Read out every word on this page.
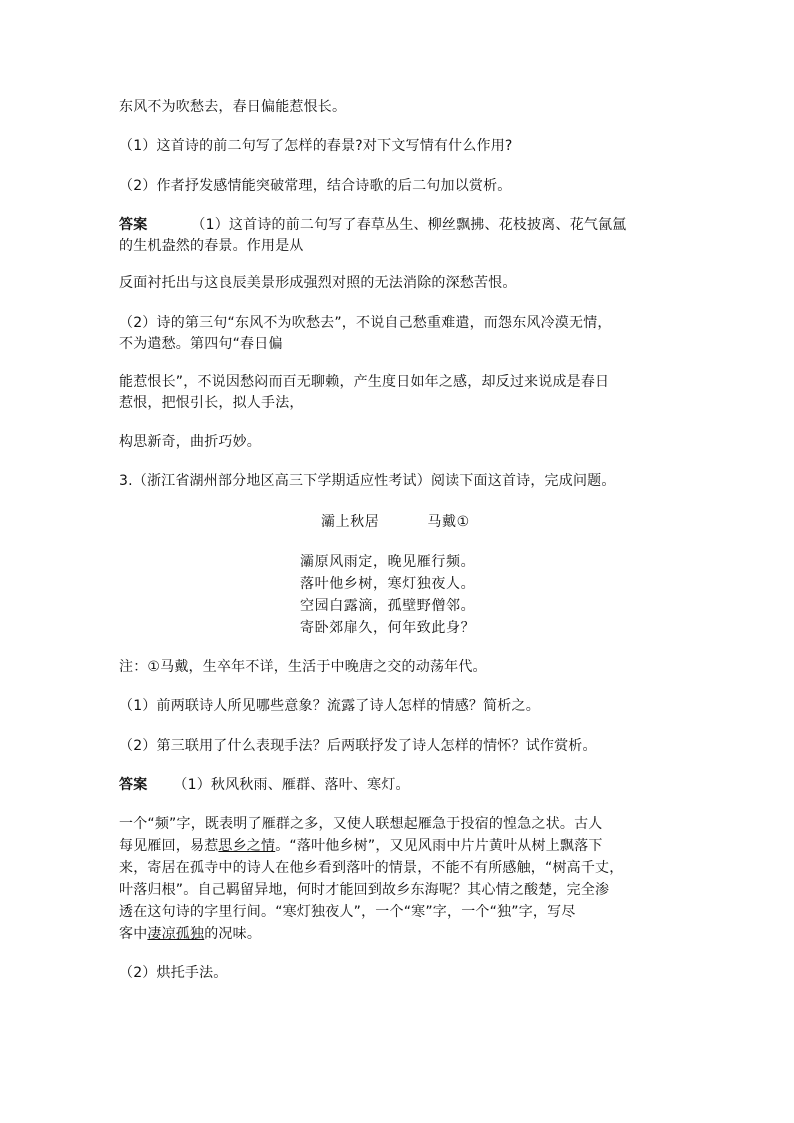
东风不为吹愁去，春日偏能惹恨长。
（1）这首诗的前二句写了怎样的春景?对下文写情有什么作用?
（2）作者抒发感情能突破常理，结合诗歌的后二句加以赏析。
答案	（1）这首诗的前二句写了春草丛生、柳丝飘拂、花枝披离、花气氤氲
的生机盎然的春景。作用是从
反面衬托出与这良辰美景形成强烈对照的无法消除的深愁苦恨。
（2）诗的第三句“东风不为吹愁去”，不说自己愁重难遣，而怨东风冷漠无情，
不为遣愁。第四句“春日偏
能惹恨长”，不说因愁闷而百无聊赖，产生度日如年之感，却反过来说成是春日
惹恨，把恨引长，拟人手法，
构思新奇，曲折巧妙。
3.（浙江省湖州部分地区高三下学期适应性考试）阅读下面这首诗，完成问题。
灞上秋居	马戴①
灞原风雨定，晚见雁行频。
落叶他乡树，寒灯独夜人。
空园白露滴，孤壁野僧邻。
寄卧郊扉久，何年致此身？
注：①马戴，生卒年不详，生活于中晚唐之交的动荡年代。
（1）前两联诗人所见哪些意象？流露了诗人怎样的情感？简析之。
（2）第三联用了什么表现手法？后两联抒发了诗人怎样的情怀？试作赏析。
答案 （1）秋风秋雨、雁群、落叶、寒灯。
一个“频”字，既表明了雁群之多，又使人联想起雁急于投宿的惶急之状。古人
每见雁回，易惹思乡之情。“落叶他乡树”，又见风雨中片片黄叶从树上飘落下
来，寄居在孤寺中的诗人在他乡看到落叶的情景，不能不有所感触，“树高千丈，
叶落归根”。自己羁留异地，何时才能回到故乡东海呢？其心情之酸楚，完全渗
透在这句诗的字里行间。“寒灯独夜人”，一个“寒”字，一个“独”字，写尽
客中凄凉孤独的况味。
（2）烘托手法。
